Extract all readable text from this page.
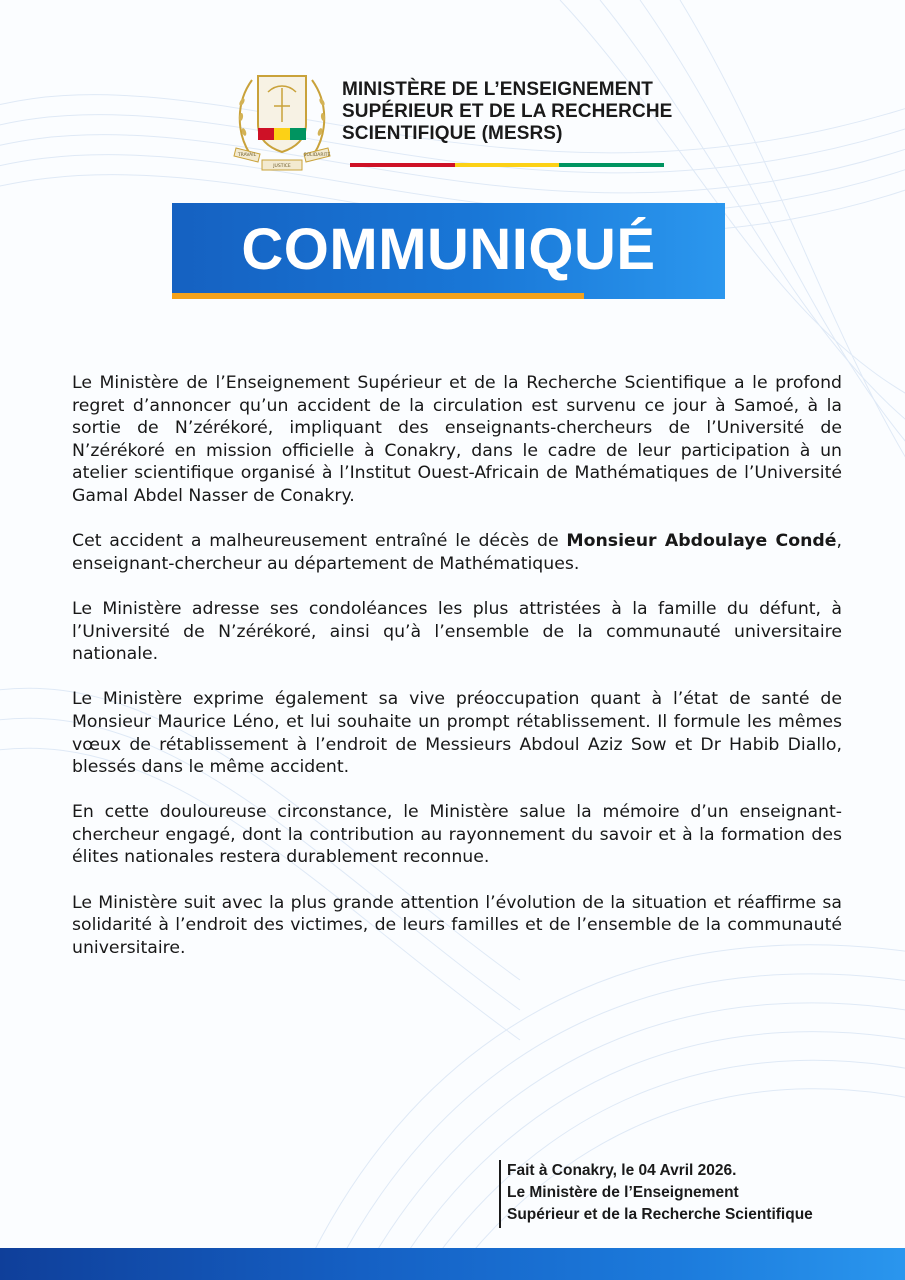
TRAVAIL
JUSTICE
SOLIDARITÉ
MINISTÈRE DE L’ENSEIGNEMENT
SUPÉRIEUR ET DE LA RECHERCHE
SCIENTIFIQUE (MESRS)
COMMUNIQUÉ

Le Ministère de l’Enseignement Supérieur et de la Recherche Scientifique a le profond regret d’annoncer qu’un accident de la circulation est survenu ce jour à Samoé, à la sortie de N’zérékoré, impliquant des enseignants-chercheurs de l’Université de N’zérékoré en mission officielle à Conakry, dans le cadre de leur participation à un atelier scientifique organisé à l’Institut Ouest-Africain de Mathématiques de l’Université Gamal Abdel Nasser de Conakry.

Cet accident a malheureusement entraîné le décès de Monsieur Abdoulaye Condé, enseignant-chercheur au département de Mathématiques.

Le Ministère adresse ses condoléances les plus attristées à la famille du défunt, à l’Université de N’zérékoré, ainsi qu’à l’ensemble de la communauté universitaire nationale.

Le Ministère exprime également sa vive préoccupation quant à l’état de santé de Monsieur Maurice Léno, et lui souhaite un prompt rétablissement. Il formule les mêmes vœux de rétablissement à l’endroit de Messieurs Abdoul Aziz Sow et Dr Habib Diallo, blessés dans le même accident.

En cette douloureuse circonstance, le Ministère salue la mémoire d’un enseignant-chercheur engagé, dont la contribution au rayonnement du savoir et à la formation des élites nationales restera durablement reconnue.

Le Ministère suit avec la plus grande attention l’évolution de la situation et réaffirme sa solidarité à l’endroit des victimes, de leurs familles et de l’ensemble de la communauté universitaire.

Fait à Conakry, le 04 Avril 2026.
Le Ministère de l’Enseignement
Supérieur et de la Recherche Scientifique
